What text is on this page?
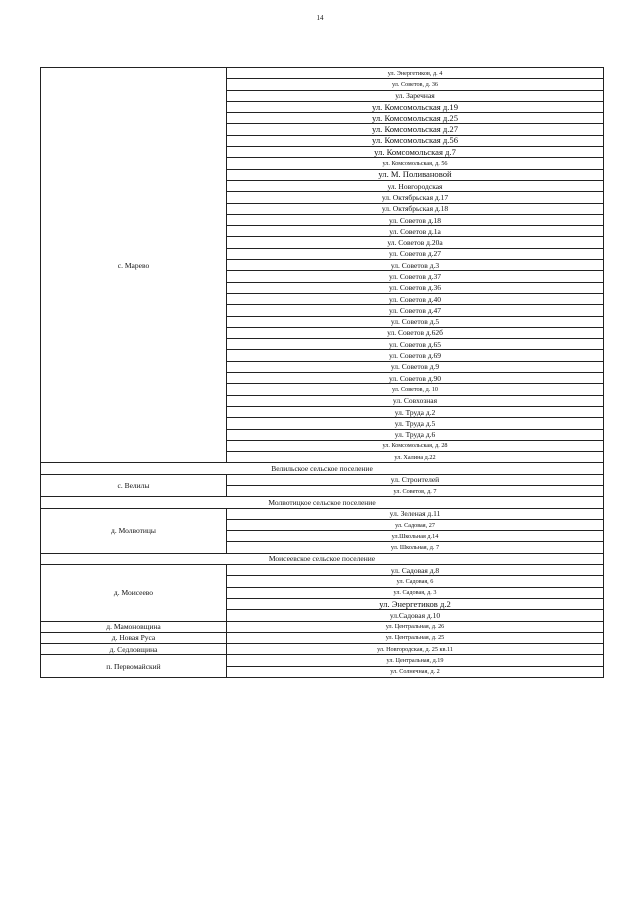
14
с. Марево	ул. Энергетиков, д. 4
	ул. Советов, д. 36
	ул. Заречная
	ул. Комсомольская д.19
	ул. Комсомольская д.25
	ул. Комсомольская д.27
	ул. Комсомольская д.56
	ул. Комсомольская д.7
	ул. Комсомольская, д. 56
	ул. М. Поливановой
	ул. Новгородская
	ул. Октябрьская д.17
	ул. Октябрьская д.18
	ул. Советов д.18
	ул. Советов д.1а
	ул. Советов д.20а
	ул. Советов д.27
	ул. Советов д.3
	ул. Советов д.37
	ул. Советов д.36
	ул. Советов д.40
	ул. Советов д.47
	ул. Советов д.5
	ул. Советов д.62б
	ул. Советов д.65
	ул. Советов д.69
	ул. Советов д.9
	ул. Советов д.90
	ул. Советов, д. 10
	ул. Совхозная
	ул. Труда д.2
	ул. Труда д.5
	ул. Труда д.6
	ул. Комсомольская, д. 28
	ул. Халина д.22
Велильское сельское поселение	
с. Велилы	ул. Строителей
	ул. Советов, д. 7
Молвотицкое сельское поселение	
д. Молвотицы	ул. Зеленая д.11
	ул. Садовая, 27
	ул.Школьная д.14
	ул. Школьная, д. 7
Моисеевское сельское поселение	
д. Моисеево	ул. Садовая д.8
	ул. Садовая, 6
	ул. Садовая, д. 3
	ул. Энергетиков д.2
	ул.Садовая д.10
д. Мамоновщина	ул. Центральная, д. 26
д. Новая Руса	ул. Центральная, д. 25
д. Седловщина	ул. Новгородская, д. 25 кв.11
п. Первомайский	ул. Центральная, д.19
	ул. Солнечная, д. 2
